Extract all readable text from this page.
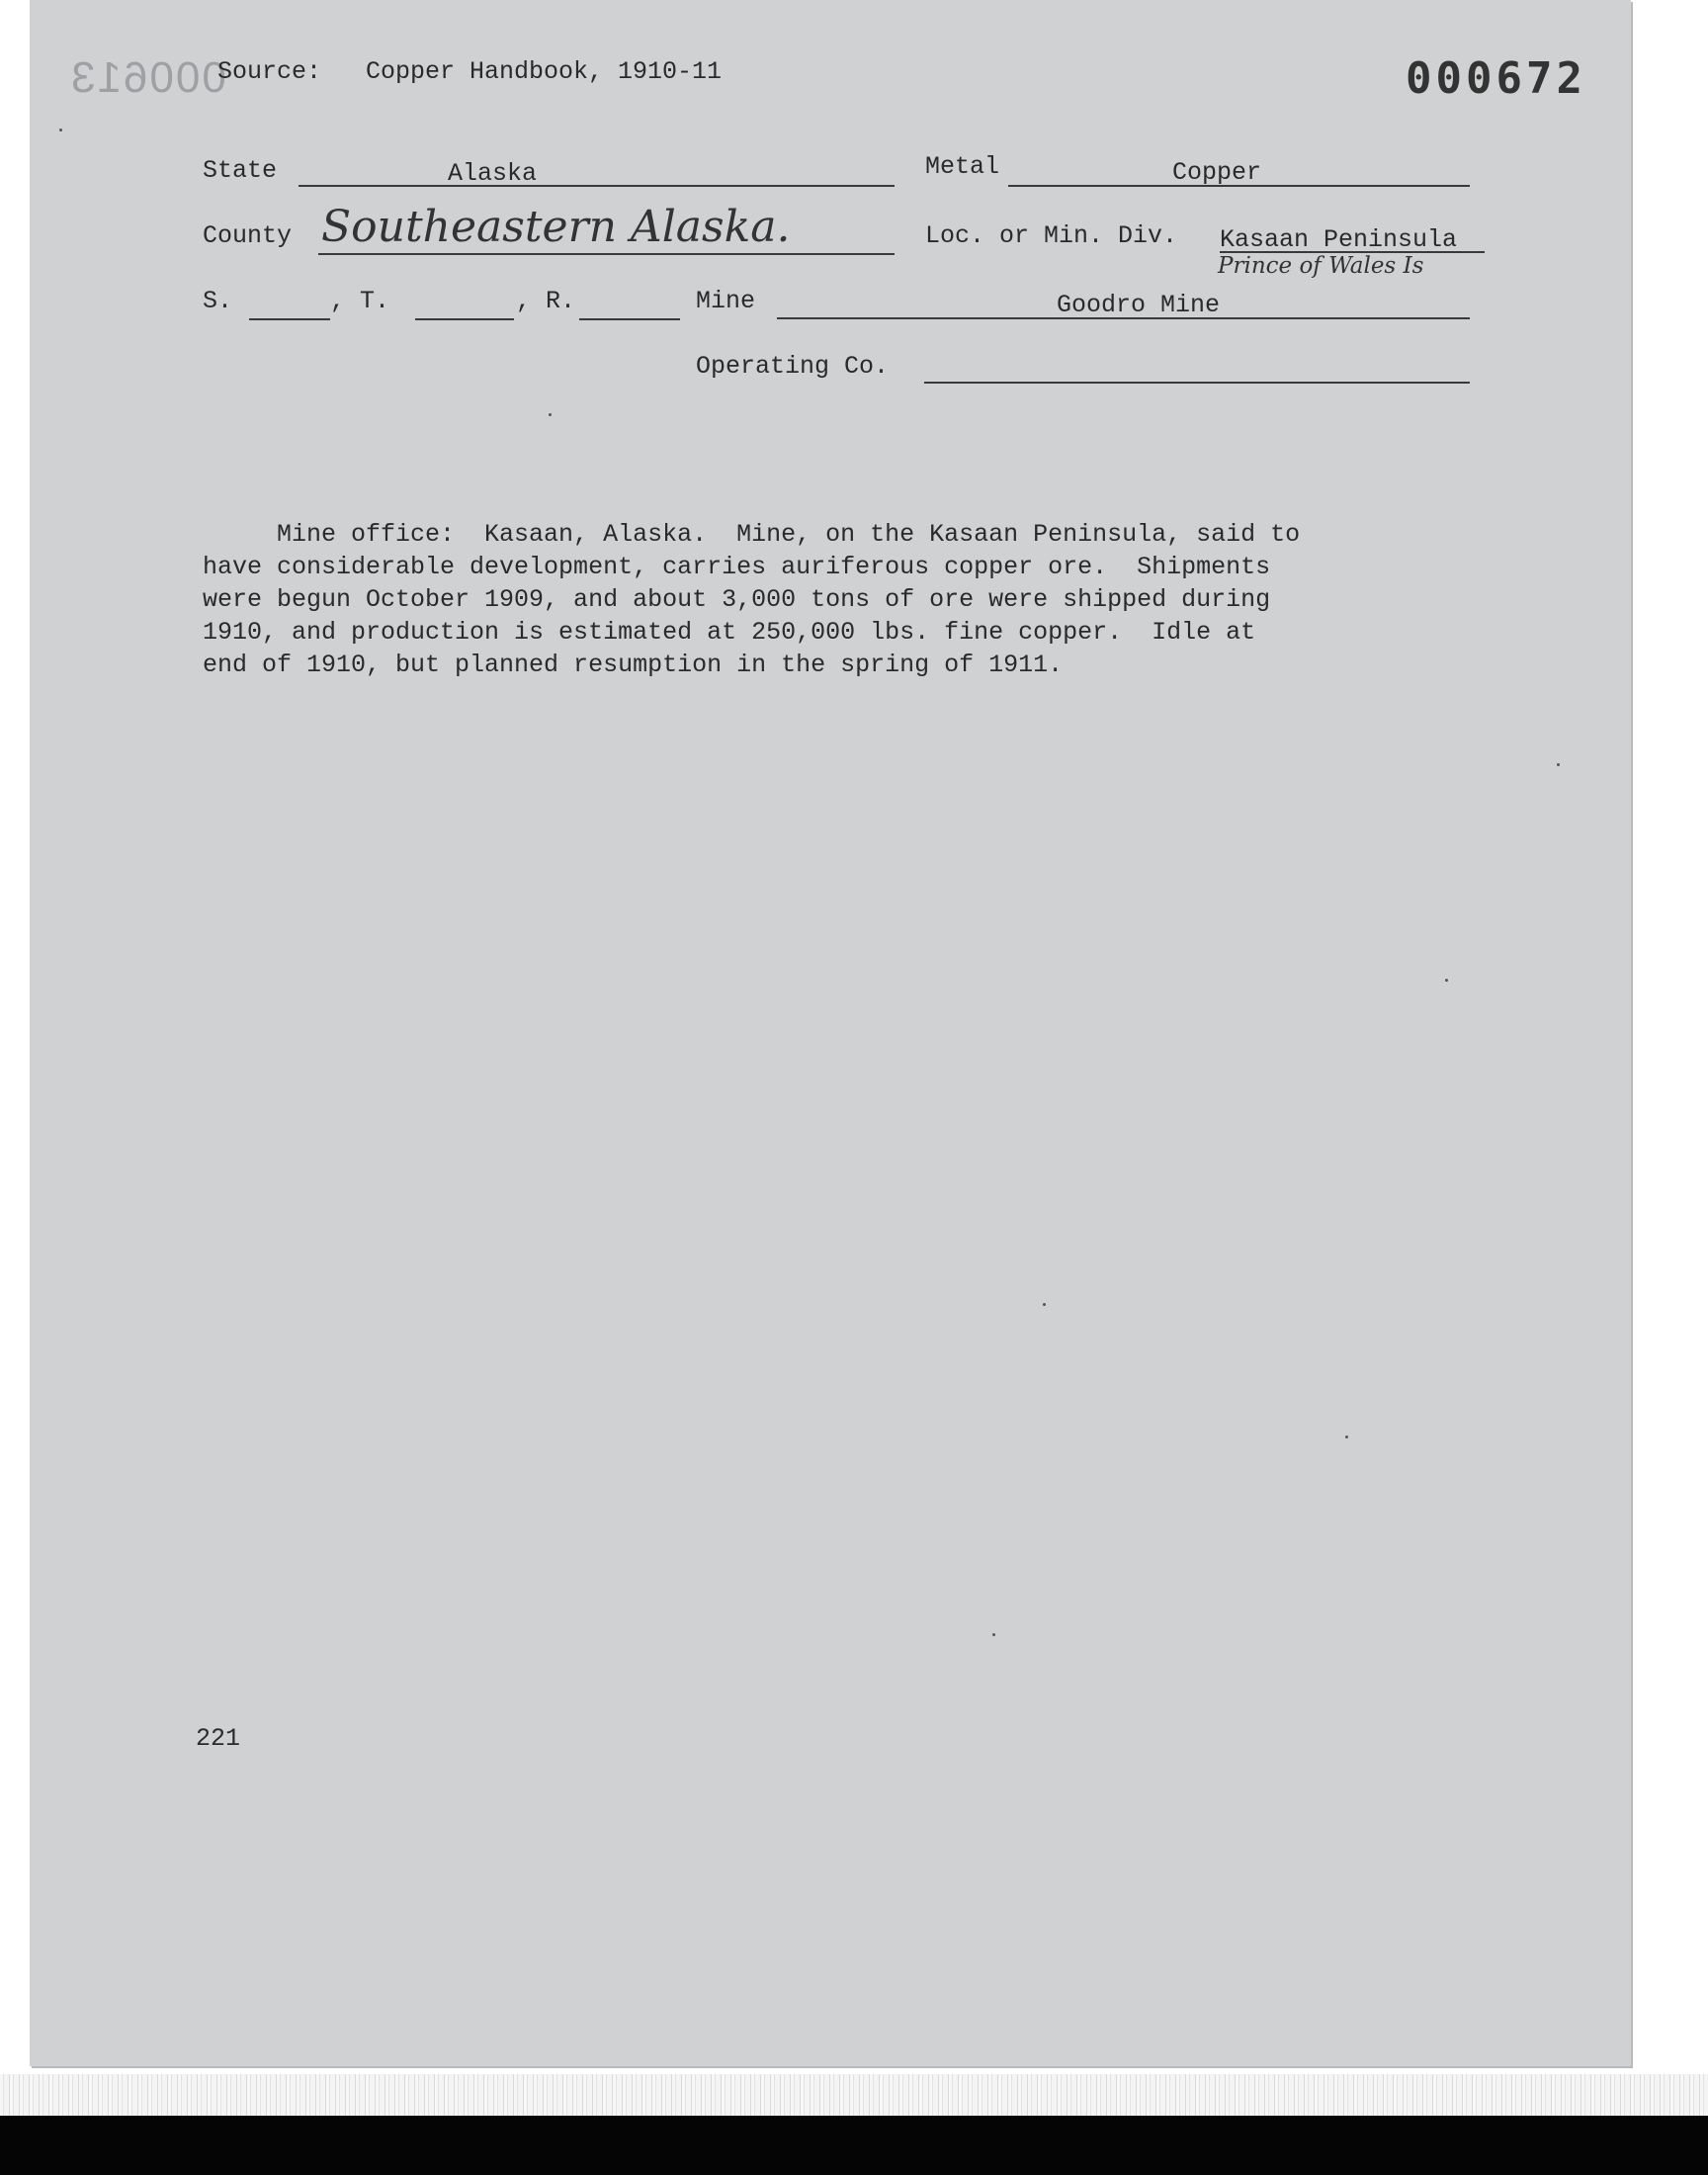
000613
Source: Copper Handbook, 1910-11	000672
State	Alaska	Metal	Copper
County Southeastern Alaska.	Loc. or Min. Div. Kasaan Peninsula
Prince of Wales Is
S.	, T.	, R.	Mine	Goodro Mine
Operating Co.
Mine office:  Kasaan, Alaska.  Mine, on the Kasaan Peninsula, said to
have considerable development, carries auriferous copper ore.  Shipments
were begun October 1909, and about 3,000 tons of ore were shipped during
1910, and production is estimated at 250,000 lbs. fine copper.  Idle at
end of 1910, but planned resumption in the spring of 1911.
221
